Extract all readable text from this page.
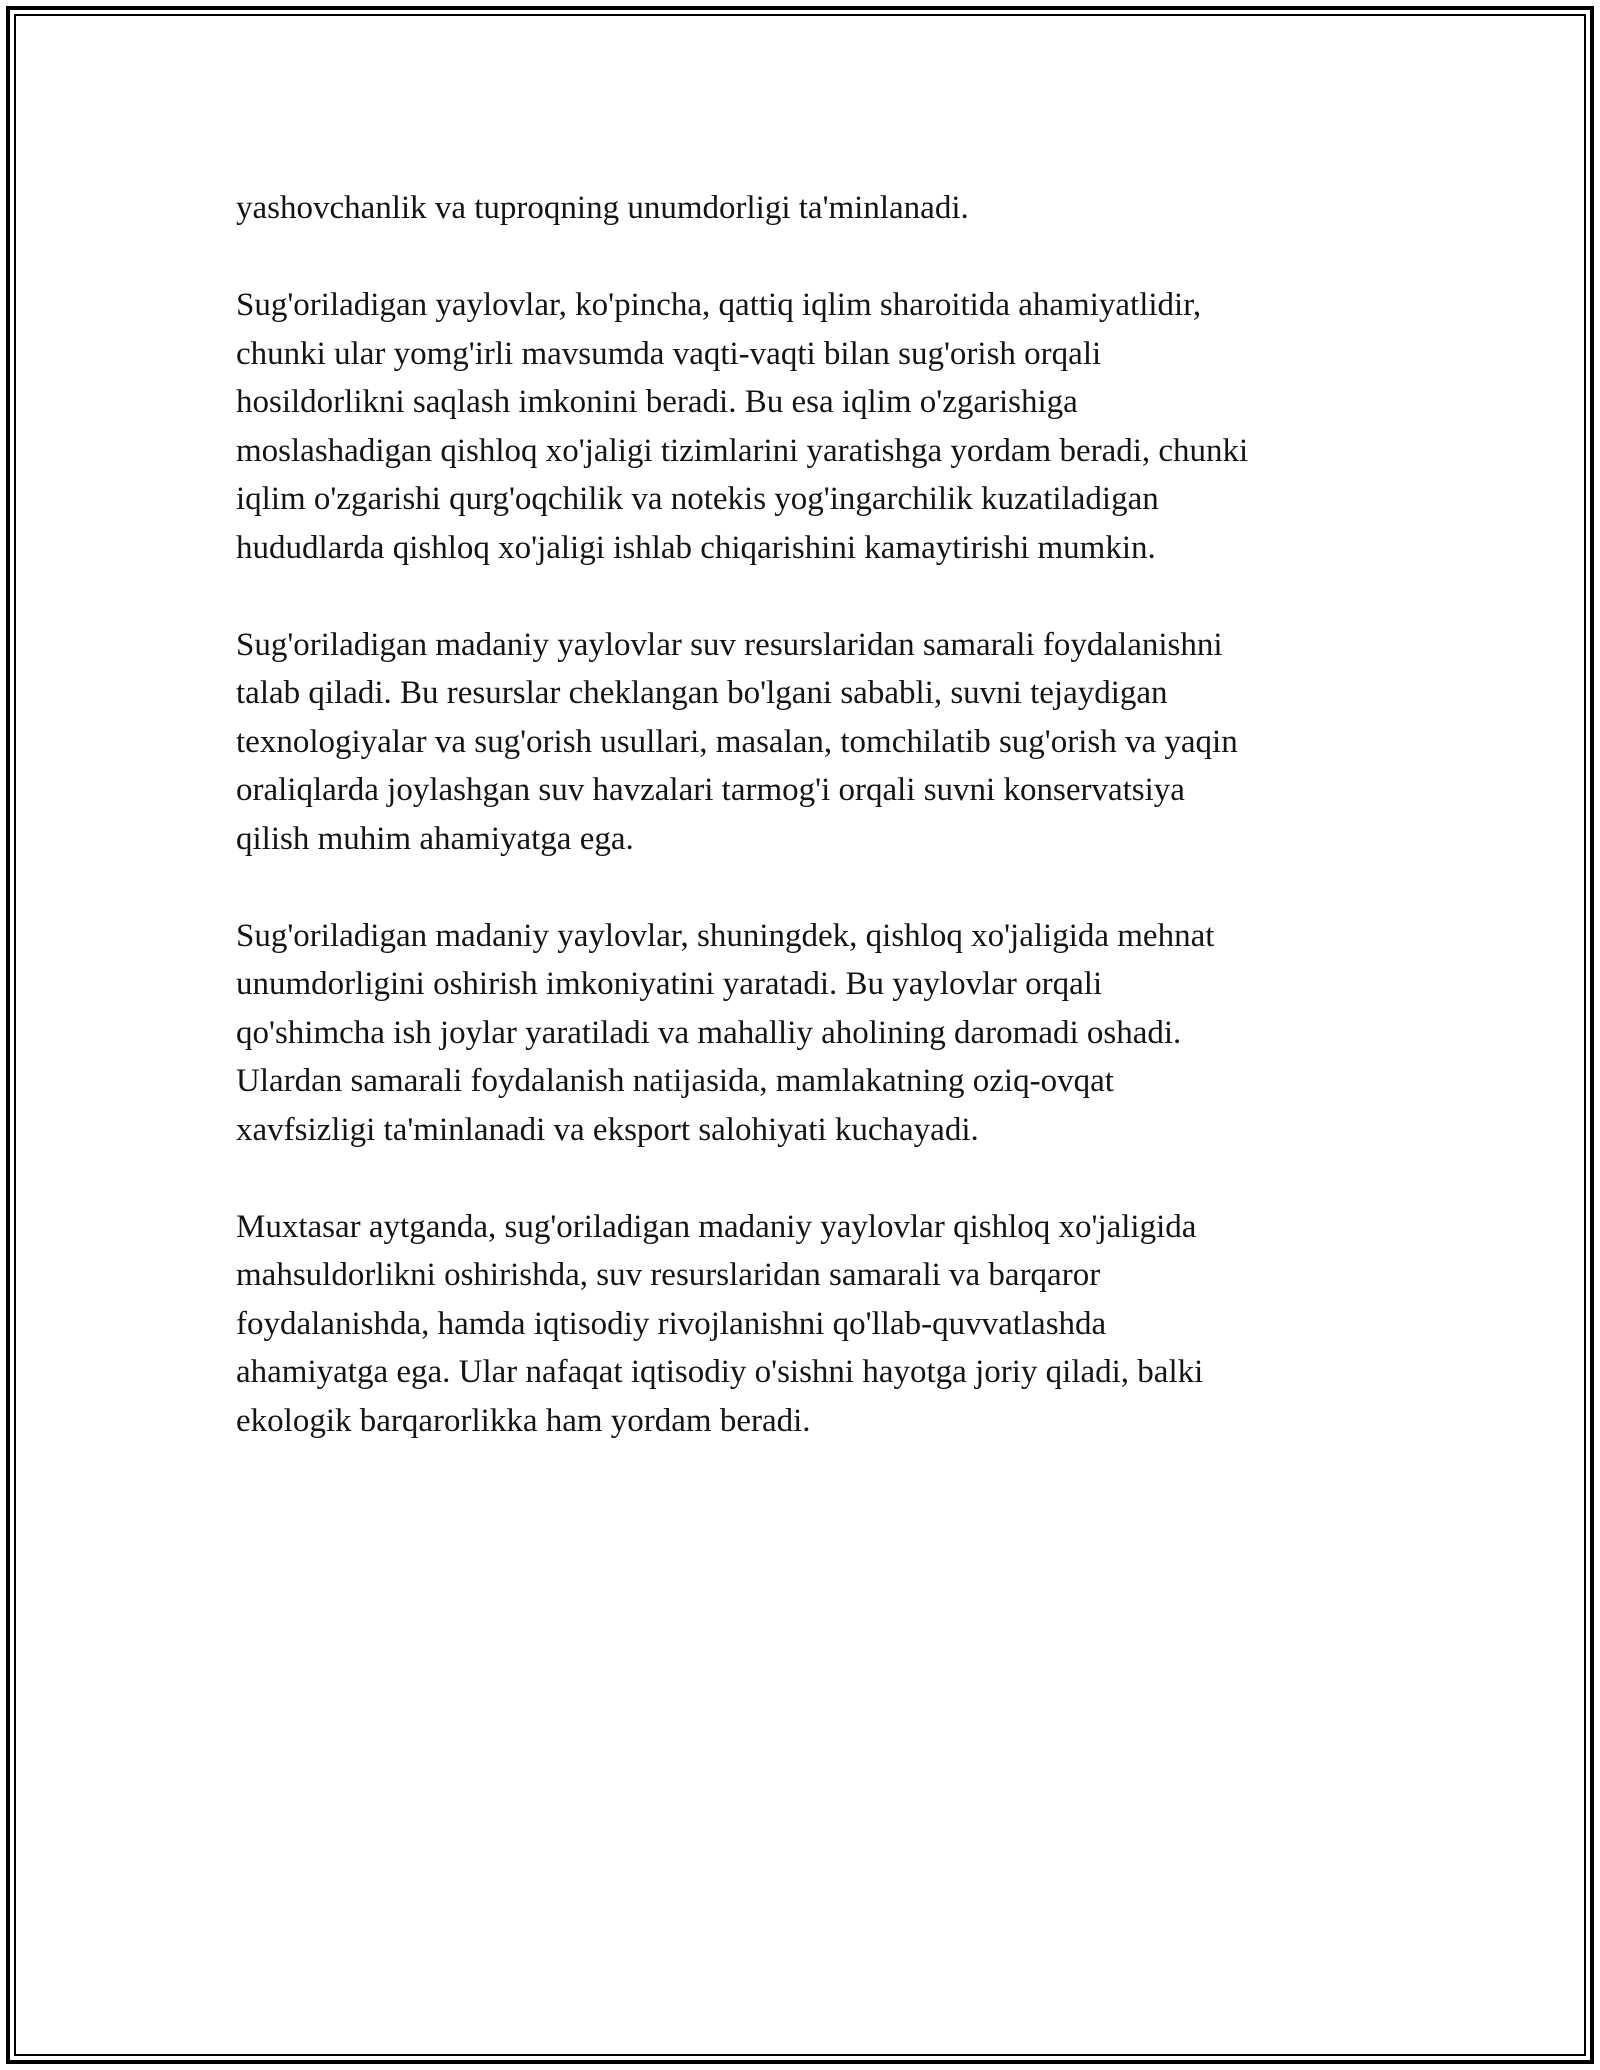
yashovchanlik va tuproqning unumdorligi ta'minlanadi.

Sug'oriladigan yaylovlar, ko'pincha, qattiq iqlim sharoitida ahamiyatlidir,
chunki ular yomg'irli mavsumda vaqti-vaqti bilan sug'orish orqali
hosildorlikni saqlash imkonini beradi. Bu esa iqlim o'zgarishiga
moslashadigan qishloq xo'jaligi tizimlarini yaratishga yordam beradi, chunki
iqlim o'zgarishi qurg'oqchilik va notekis yog'ingarchilik kuzatiladigan
hududlarda qishloq xo'jaligi ishlab chiqarishini kamaytirishi mumkin.

Sug'oriladigan madaniy yaylovlar suv resurslaridan samarali foydalanishni
talab qiladi. Bu resurslar cheklangan bo'lgani sababli, suvni tejaydigan
texnologiyalar va sug'orish usullari, masalan, tomchilatib sug'orish va yaqin
oraliqlarda joylashgan suv havzalari tarmog'i orqali suvni konservatsiya
qilish muhim ahamiyatga ega.

Sug'oriladigan madaniy yaylovlar, shuningdek, qishloq xo'jaligida mehnat
unumdorligini oshirish imkoniyatini yaratadi. Bu yaylovlar orqali
qo'shimcha ish joylar yaratiladi va mahalliy aholining daromadi oshadi.
Ulardan samarali foydalanish natijasida, mamlakatning oziq-ovqat
xavfsizligi ta'minlanadi va eksport salohiyati kuchayadi.

Muxtasar aytganda, sug'oriladigan madaniy yaylovlar qishloq xo'jaligida
mahsuldorlikni oshirishda, suv resurslaridan samarali va barqaror
foydalanishda, hamda iqtisodiy rivojlanishni qo'llab-quvvatlashda
ahamiyatga ega. Ular nafaqat iqtisodiy o'sishni hayotga joriy qiladi, balki
ekologik barqarorlikka ham yordam beradi.
